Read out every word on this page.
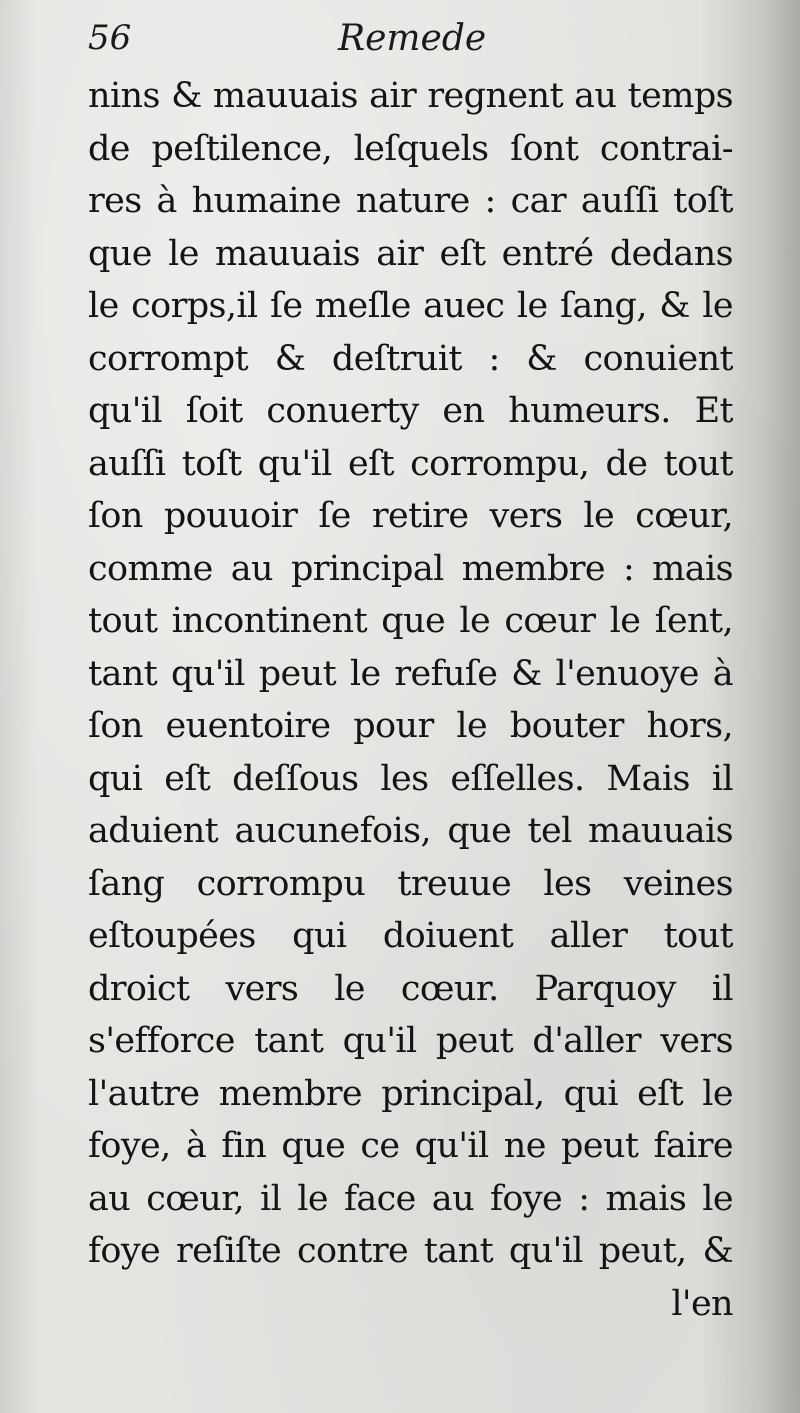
56	Remede
nins & mauuais air regnent au temps
de peſtilence, leſquels ſont contrai-
res à humaine nature : car auſſi toſt
que le mauuais air eſt entré dedans
le corps,il ſe meſle auec le ſang, & le
corrompt & deſtruit : & conuient
qu'il ſoit conuerty en humeurs. Et
auſſi toſt qu'il eſt corrompu, de tout
ſon pouuoir ſe retire vers le cœur,
comme au principal membre : mais
tout incontinent que le cœur le ſent,
tant qu'il peut le refuſe & l'enuoye à
ſon euentoire pour le bouter hors,
qui eſt deſſous les eſſelles. Mais il
aduient aucunefois, que tel mauuais
ſang corrompu treuue les veines
eſtoupées qui doiuent aller tout
droict vers le cœur. Parquoy il
s'efforce tant qu'il peut d'aller vers
l'autre membre principal, qui eſt le
foye, à fin que ce qu'il ne peut faire
au cœur, il le face au foye : mais le
foye reſiſte contre tant qu'il peut, &
l'en
